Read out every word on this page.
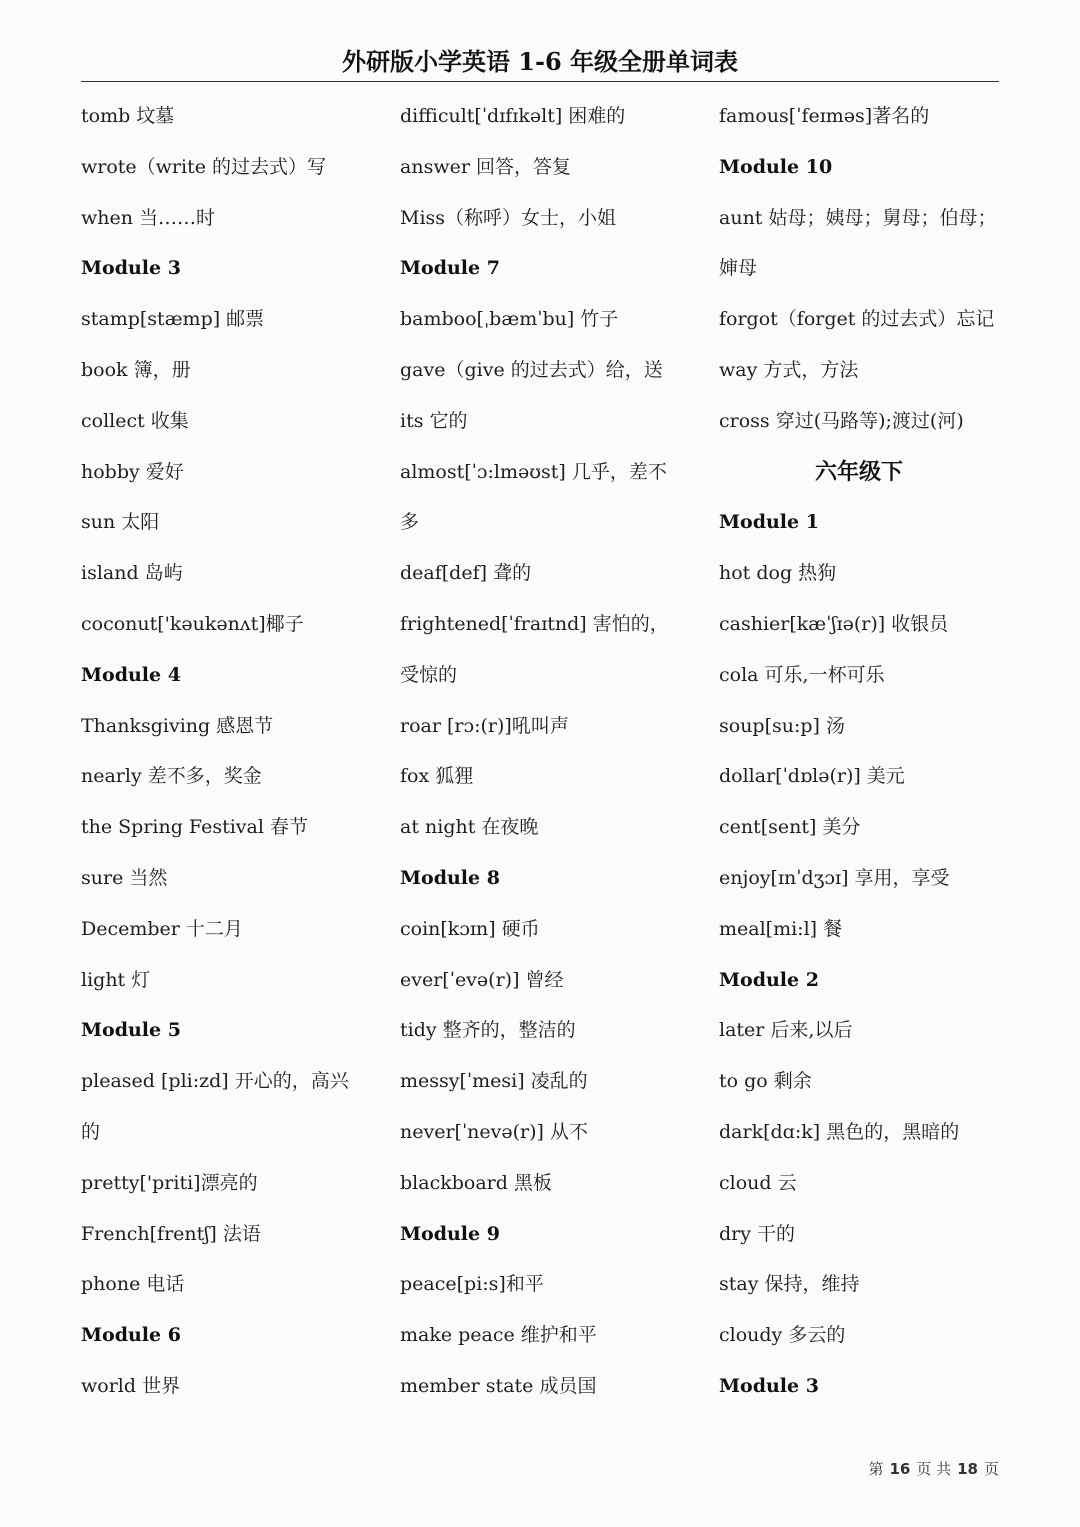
外研版小学英语 1-6 年级全册单词表
tomb 坟墓
wrote（write 的过去式）写
when 当……时
Module 3
stamp[stæmp] 邮票
book 簿，册
collect 收集
hobby 爱好
sun 太阳
island 岛屿
coconut['kəukənʌt]椰子
Module 4
Thanksgiving 感恩节
nearly 差不多，奖金
the Spring Festival 春节
sure 当然
December 十二月
light 灯
Module 5
pleased [pli:zd] 开心的，高兴
的
pretty['priti]漂亮的
French[frentʃ] 法语
phone 电话
Module 6
world 世界
difficult[ˈdɪfɪkəlt] 困难的
answer 回答，答复
Miss（称呼）女士，小姐
Module 7
bamboo[ˌbæmˈbu] 竹子
gave（give 的过去式）给，送
its 它的
almost[ˈɔ:lməʊst] 几乎，差不
多
deaf[def] 聋的
frightened[ˈfraɪtnd] 害怕的，
受惊的
roar [rɔ:(r)]吼叫声
fox 狐狸
at night 在夜晚
Module 8
coin[kɔɪn] 硬币
ever[ˈevə(r)] 曾经
tidy 整齐的，整洁的
messy[ˈmesi] 凌乱的
never[ˈnevə(r)] 从不
blackboard 黑板
Module 9
peace[pi:s]和平
make peace 维护和平
member state 成员国
famous[ˈfeɪməs]著名的
Module 10
aunt 姑母；姨母；舅母；伯母；
婶母
forgot（forget 的过去式）忘记
way 方式，方法
cross 穿过(马路等);渡过(河)
六年级下
Module 1
hot dog 热狗
cashier[kæˈʃɪə(r)] 收银员
cola 可乐,一杯可乐
soup[su:p] 汤
dollar[ˈdɒlə(r)] 美元
cent[sent] 美分
enjoy[ɪnˈdʒɔɪ] 享用，享受
meal[mi:l] 餐
Module 2
later 后来,以后
to go 剩余
dark[dɑ:k] 黑色的，黑暗的
cloud 云
dry 干的
stay 保持，维持
cloudy 多云的
Module 3
第 16 页 共 18 页
